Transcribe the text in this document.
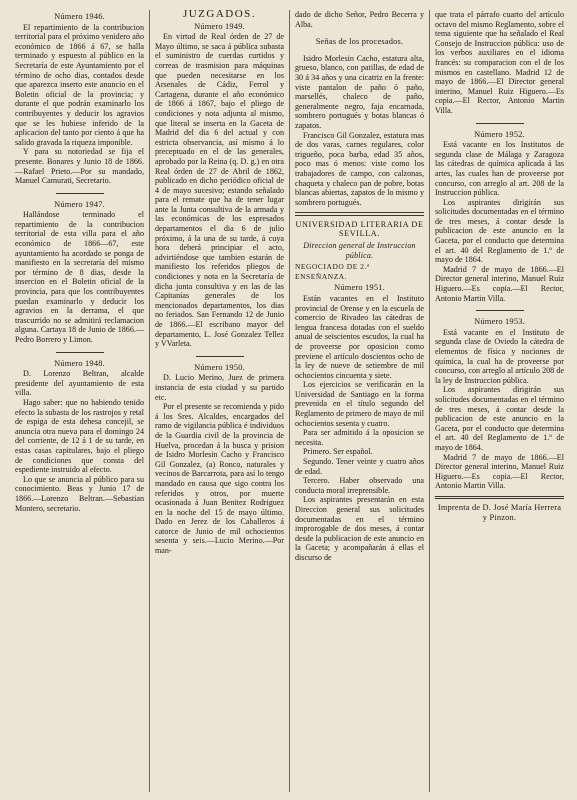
Número 1946.

El repartimiento de la contribucion territorial para el próximo venidero año económico de 1866 á 67, se halla terminado y espuesto al público en la Secretaría de este Ayuntamiento por el término de ocho dias, contados desde que aparezca inserto este anuncio en el Boletin oficial de la provincia; y durante el que podrán examinarlo los contribuyentes y deducir los agravios que se les hubiese inferido de la aplicacion del tanto por ciento á que ha salido gravada la riqueza imponible.

Y para su notoriedad se fija el presente. Bonares y Junio 18 de 1866.—Rafael Prieto.—Por su mandado, Manuel Camurati, Secretario.

Número 1947.

Hallándose terminado el repartimiento de la contribucion territorial de esta villa para el año económico de 1866—67, este ayuntamiento ha acordado se ponga de manifiesto en la secretaría del mismo por término de 8 dias, desde la insercion en el Boletin oficial de la provincia, para que los contribuyentes puedan examinarlo y deducir los agravios en la derrama, el que trascurrido no se admitirá reclamacion alguna. Cartaya 18 de Junio de 1866.—Pedro Borrero y Limon.

Número 1948.

D. Lorenzo Beltran, alcalde presidente del ayuntamiento de esta villa.

Hago saber: que no habiendo tenido efecto la subasta de los rastrojos y retal de espiga de esta dehesa concejil, se anuncia otra nueva para el domingo 24 del corriente, de 12 á 1 de su tarde, en estas casas capitulares, bajo el pliego de condiciones que consta del espediente instruido al efecto.

Lo que se anuncia al público para su conocimiento. Beas y Junio 17 de 1866.—Lorenzo Beltran.—Sebastian Montero, secretario.

JUZGADOS.
Número 1949.

En virtud de Real órden de 27 de Mayo último, se saca á pública subasta el suministro de cuerdas curtidos y correas de trasmision para máquinas que pueden necesitarse en los Arsenales de Cádiz, Ferrol y Cartagena, durante el año económico de 1866 á 1867, bajo el pliego de condiciones y nota adjunta al mismo, que literal se inserta en la Gaceta de Madrid del dia 6 del actual y con estricta observancia, así mismo á lo preceptuado en el de las generales, aprobado por la Reina (q. D. g.) en otra Real órden de 27 de Abril de 1862, publicado en dicho periódico oficial de 4 de mayo sucesivo; estando señalado para el remate que ha de tener lugar ante la Junta consultiva de la armada y las económicas de los espresados departamentos el dia 6 de julio próximo, á la una de su tarde, á cuya hora deberá principiar el acto, advirtiéndose que tambien estarán de manifiesto los referidos pliegos de condiciones y nota en la Secretaría de dicha junta consultiva y en las de las Capitanías generales de los mencionados departamentos, los dias no feriados. San Fernando 12 de Junio de 1866.—El escribano mayor del departamento, L. José Gonzalez Tellez y VVarleta.

Número 1950.

D. Lucio Merino, Juez de primera instancia de esta ciudad y su partido etc.

Por el presente se recomienda y pido á los Sres. Alcaldes, encargados del ramo de vigilancia pública é individuos de la Guardia civil de la provincia de Huelva, procedan á la busca y prision de Isidro Morlesin Cacho y Francisco Gil Gonzalez, (a) Ronco, naturales y vecinos de Barcarrota, para así lo tengo mandado en causa que sigo contra los referidos y otros, por muerte ocasionada á Juan Benitez Rodriguez en la noche del 15 de mayo último. Dado en Jerez de los Caballeros á catorce de Junio de mil ochocientos sesenta y seis.—Lucio Merino.—Por man-

dado de dicho Señor, Pedro Becerra y Alba.

Señas de los procesados.

Isidro Morlesin Cacho, estatura alta, grueso, blanco, con patillas, de edad de 30 á 34 años y una cicatriz en la frente: viste pantalon de paño ó paño, marsellés, chaleco de paño, generalmente negro, faja encarnada, sombrero portugués y botas blancas ó zapatos.

Francisco Gil Gonzalez, estatura mas de dos varas, carnes regulares, color trigueño, poca barba, edad 35 años, poco mas ó menos: viste como los trabajadores de campo, con calzonas, chaqueta y chaleco pan de pobre, botas blancas abiertas, zapatos de lo mismo y sombrero portugués.

UNIVERSIDAD LITERARIA DE SEVILLA.
Direccion general de Instruccion pública.
NEGOCIADO DE 2.ª ENSEÑANZA.
Número 1951.

Están vacantes en el Instituto provincial de Orense y en la escuela de comercio de Rivadeo las cátedras de lengua francesa dotadas con el sueldo anual de seiscientos escudos, la cual ha de proveerse por oposicion como previene el artículo doscientos ocho de la ley de nueve de setiembre de mil ochocientos cincuenta y siete.

Los ejercicios se verificarán en la Universidad de Santiago en la forma prevenida en el título segundo del Reglamento de primero de mayo de mil ochocientos sesenta y cuatro.

Para ser admitido á la oposicion se necesita.

Primero. Ser español.

Segundo. Tener veinte y cuatro años de edad.

Tercero. Haber observado una conducta moral irreprensible.

Los aspirantes presentarán en esta Direccion general sus solicitudes documentadas en el término improrogable de dos meses, á contar desde la publicacion de este anuncio en la Gaceta; y acompañarán á ellas el discurso de

que trata el párrafo cuarto del artículo octavo del mismo Reglamento, sobre el tema siguiente que ha señalado el Real Consejo de Instruccion pública: uso de los verbos auxiliares en el idioma francés: su comparacion con el de los mismos en castellano. Madrid 12 de mayo de 1866.—El Director general interino, Manuel Ruiz Higuero.—Es copia.—El Rector, Antonio Martin Villa.

Número 1952.

Está vacante en los Institutos de segunda clase de Málaga y Zaragoza las cátedras de química aplicada á las artes, las cuales han de proveerse por concurso, con arreglo al art. 208 de la Instruccion pública.

Los aspirantes dirigirán sus solicitudes documentadas en el término de tres meses, á contar desde la publicacion de este anuncio en la Gaceta, por el conducto que determina el art. 40 del Reglamento de 1.º de mayo de 1864.

Madrid 7 de mayo de 1866.—El Director general interino, Manuel Ruiz Higuero.—Es copia.—El Rector, Antonio Martin Villa.

Número 1953.

Está vacante en el Instituto de segunda clase de Oviedo la cátedra de elementos de física y nociones de química, la cual ha de proveerse por concurso, con arreglo al artículo 208 de la ley de Instruccion pública.

Los aspirantes dirigirán sus solicitudes documentadas en el término de tres meses, á contar desde la publicacion de este anuncio en la Gaceta, por el conducto que determina el art. 40 del Reglamento de 1.º de mayo de 1864.

Madrid 7 de mayo de 1866.—El Director general interino, Manuel Ruiz Higuero.—Es copia.—El Rector, Antonio Martin Villa.

Imprenta de D. José María Herrera y Pinzon.
